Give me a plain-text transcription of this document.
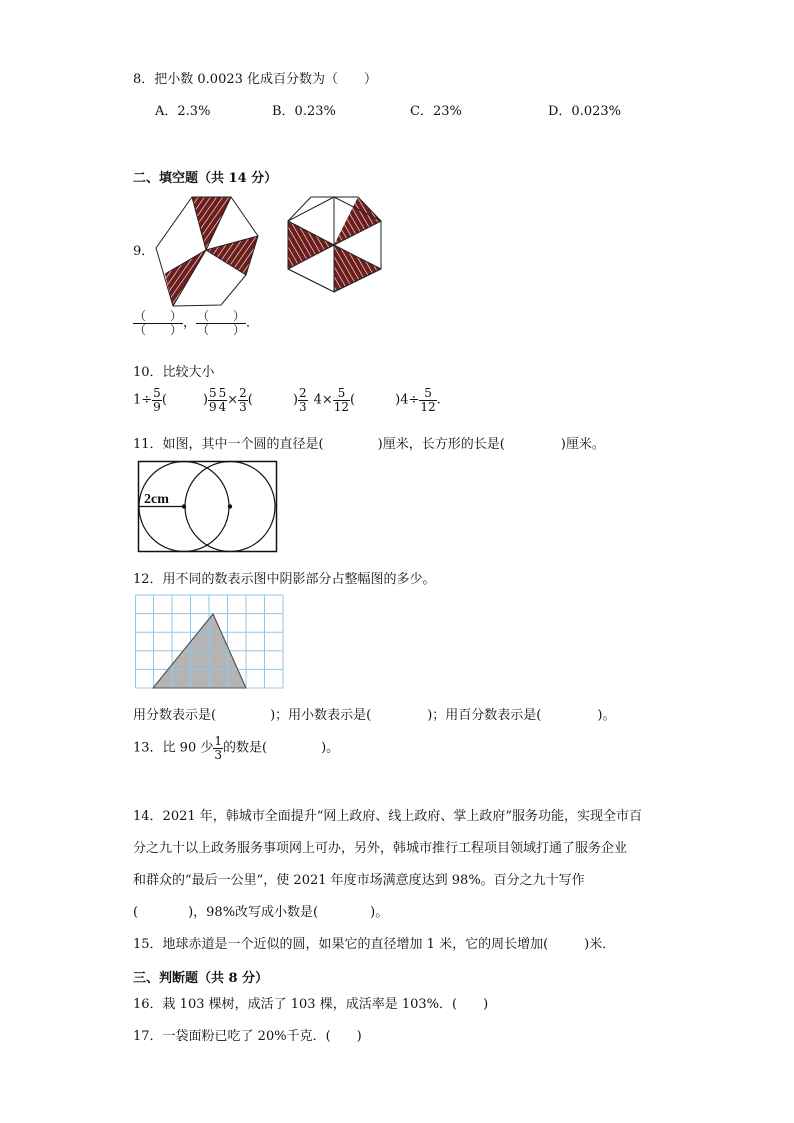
8．把小数 0.0023 化成百分数为（　　）
A．2.3%	B．0.23%	C．23%	D．0.023%
二、填空题（共 14 分）
9．
$\frac{( )}{( )}$ ， $\frac{( )}{( )}$ ．
10．比较大小
$1\div \frac{5}{9}$ (	) $\frac{5}{9} \frac{5}{4} \times \frac{2}{3}$ (	) $\frac{2}{3} 4\times \frac{5}{12}$ (	)$4\div \frac{5}{12}$ .
11．如图，其中一个圆的直径是(	)厘米，长方形的长是(	)厘米。
2cm
12．用不同的数表示图中阴影部分占整幅图的多少。
用分数表示是(	)；用小数表示是(	)；用百分数表示是(	)。
13．比 90 少 $\frac{1}{3}$ 的数是(	)。
14．2021 年，韩城市全面提升“网上政府、线上政府、掌上政府”服务功能，实现全市百
分之九十以上政务服务事项网上可办，另外，韩城市推行工程项目领域打通了服务企业
和群众的“最后一公里”，使 2021 年度市场满意度达到 98%。百分之九十写作
(	)，98%改写成小数是(	)。
15．地球赤道是一个近似的圆，如果它的直径增加 1 米，它的周长增加(	)米．
三、判断题（共 8 分）
16．栽 103 棵树，成活了 103 棵，成活率是 103%．(　　)
17．一袋面粉已吃了 20%千克．(　　)
